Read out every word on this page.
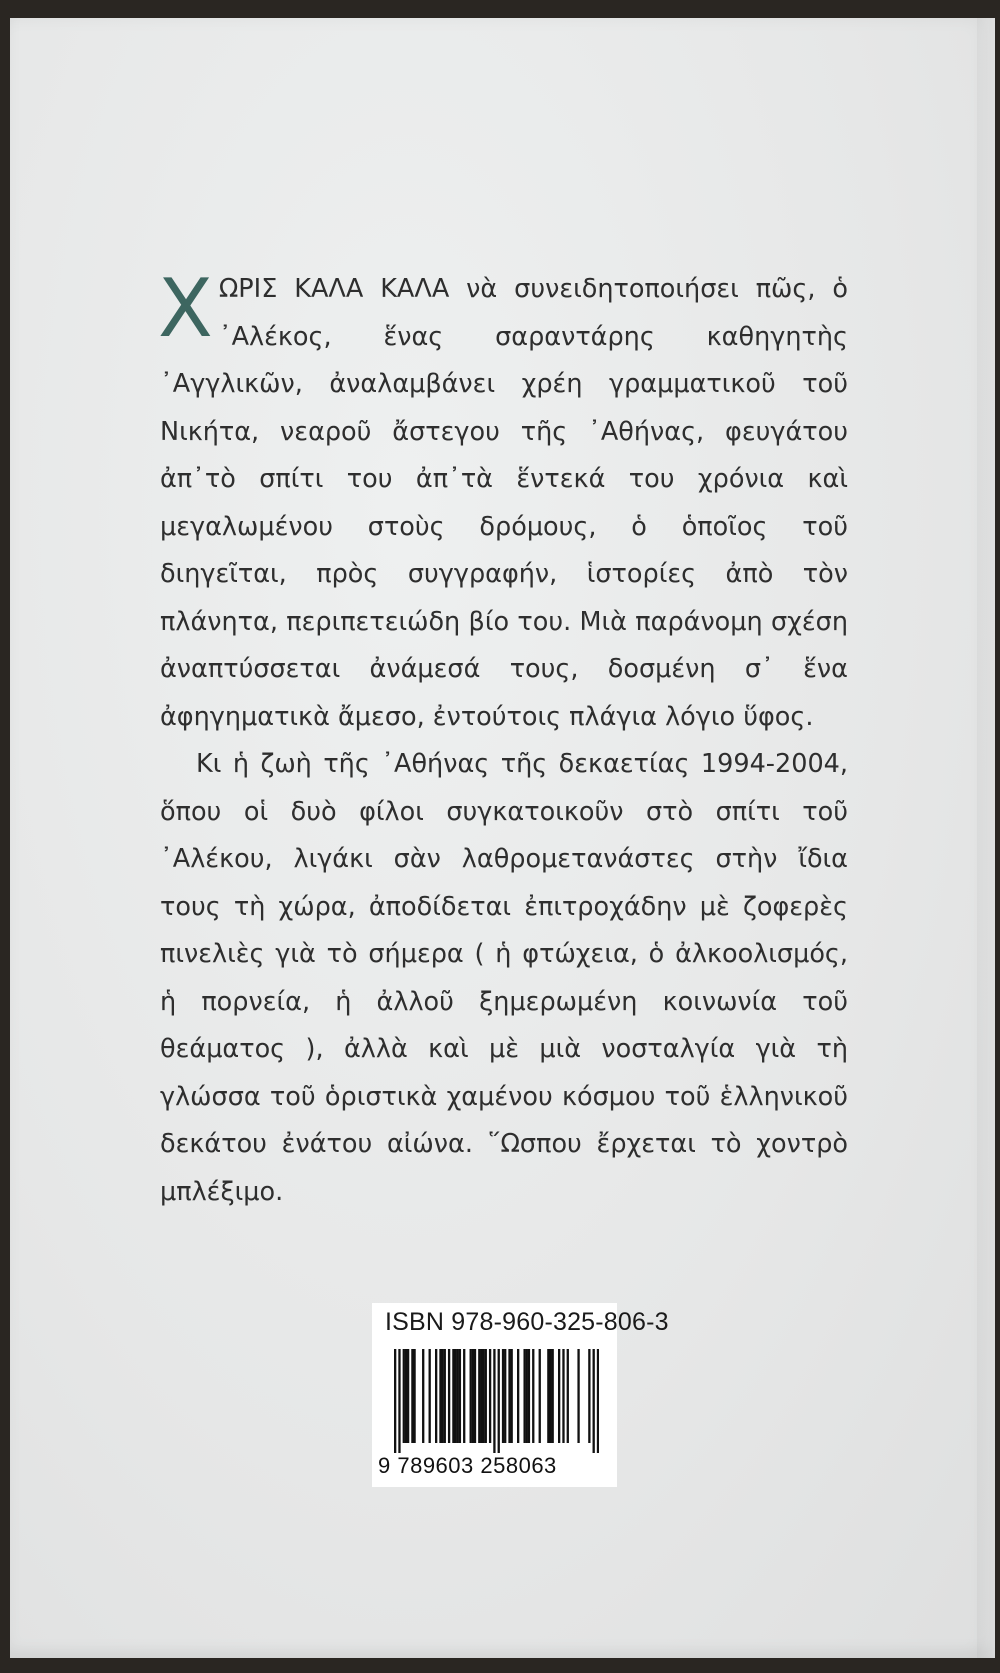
ΧΩΡΙΣ ΚΑΛΑ ΚΑΛΑ νὰ συνειδητοποιήσει πῶς, ὁ ᾿Αλέκος, ἕνας σαραντάρης καθηγητὴς ᾿Αγγλικῶν, ἀναλαμβάνει χρέη γραμματικοῦ τοῦ Νικήτα, νεαροῦ ἄστεγου τῆς ᾿Αθήνας, φευγάτου ἀπ᾿τὸ σπίτι του ἀπ᾿τὰ ἕντεκά του χρόνια καὶ μεγαλωμένου στοὺς δρόμους, ὁ ὁποῖος τοῦ διηγεῖται, πρὸς συγγραφήν, ἱστορίες ἀπὸ τὸν πλάνητα, περιπετειώδη βίο του. Μιὰ παράνομη σχέση ἀναπτύσσεται ἀνάμεσά τους, δοσμένη σ᾿ ἕνα ἀφηγηματικὰ ἄμεσο, ἐντούτοις πλάγια λόγιο ὕφος.

Κι ἡ ζωὴ τῆς ᾿Αθήνας τῆς δεκαετίας 1994-2004, ὅπου οἱ δυὸ φίλοι συγκατοικοῦν στὸ σπίτι τοῦ ᾿Αλέκου, λιγάκι σὰν λαθρομετανάστες στὴν ἴδια τους τὴ χώρα, ἀποδίδεται ἐπιτροχάδην μὲ ζοφερὲς πινελιὲς γιὰ τὸ σήμερα ( ἡ φτώχεια, ὁ ἀλκοολισμός, ἡ πορνεία, ἡ ἀλλοῦ ξημερωμένη κοινωνία τοῦ θεάματος ), ἀλλὰ καὶ μὲ μιὰ νοσταλγία γιὰ τὴ γλώσσα τοῦ ὁριστικὰ χαμένου κόσμου τοῦ ἑλληνικοῦ δεκάτου ἐνάτου αἰώνα. ῞Ωσπου ἔρχεται τὸ χοντρὸ μπλέξιμο.

ISBN 978-960-325-806-3
9 789603 258063
